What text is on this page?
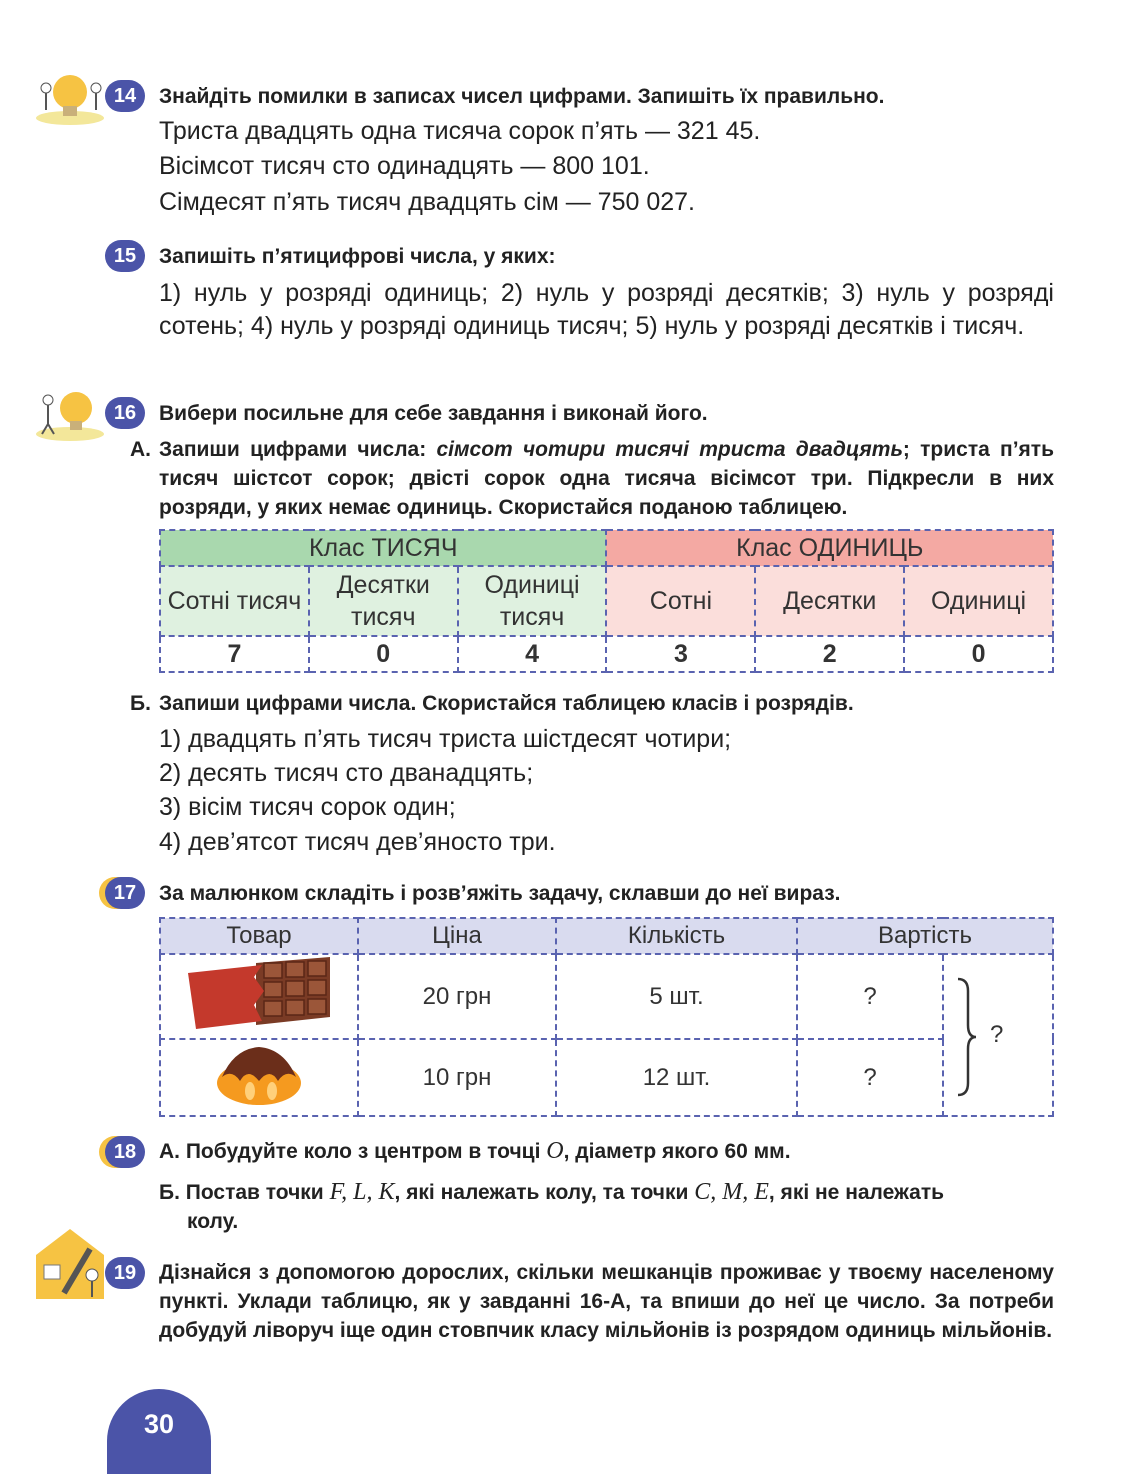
14	Знайдіть помилки в записах чисел цифрами. Запишіть їх правильно.
Триста двадцять одна тисяча сорок п’ять — 321 45.
Вісімсот тисяч сто одинадцять — 800 101.
Сімдесят п’ять тисяч двадцять сім — 750 027.
15	Запишіть п’ятицифрові числа, у яких:
1) нуль у розряді одиниць; 2) нуль у розряді десятків; 3) нуль у розряді сотень; 4) нуль у розряді одиниць тисяч; 5) нуль у розряді десятків і тисяч.
16	Вибери посильне для себе завдання і виконай його.
А. Запиши цифрами числа: сімсот чотири тисячі триста двадцять; триста п’ять тисяч шістсот сорок; двісті сорок одна тисяча вісімсот три. Підкресли в них розряди, у яких немає одиниць. Скористайся поданою таблицею.
Клас ТИСЯЧ			Клас ОДИНИЦЬ		
Сотні тисяч	Десятки тисяч	Одиниці тисяч	Сотні	Десятки	Одиниці
7	0	4	3	2	0
Б. Запиши цифрами числа. Скористайся таблицею класів і розрядів.
1) двадцять п’ять тисяч триста шістдесят чотири;
2) десять тисяч сто дванадцять;
3) вісім тисяч сорок один;
4) дев’ятсот тисяч дев’яносто три.
17	За малюнком складіть і розв’яжіть задачу, склавши до неї вираз.
Товар	Ціна	Кількість	Вартість	
	20 грн	5 шт.	?	?

	10 грн	12 шт.	?	
18	А. Побудуйте коло з центром в точці O, діаметр якого 60 мм.
Б. Постав точки F, L, K, які належать колу, та точки C, M, E, які не належать
колу.
19	Дізнайся з допомогою дорослих, скільки мешканців проживає у твоєму населеному пункті. Уклади таблицю, як у завданні 16-А, та впиши до неї це число. За потреби добудуй ліворуч іще один стовпчик класу мільйонів із розрядом одиниць мільйонів.
30
